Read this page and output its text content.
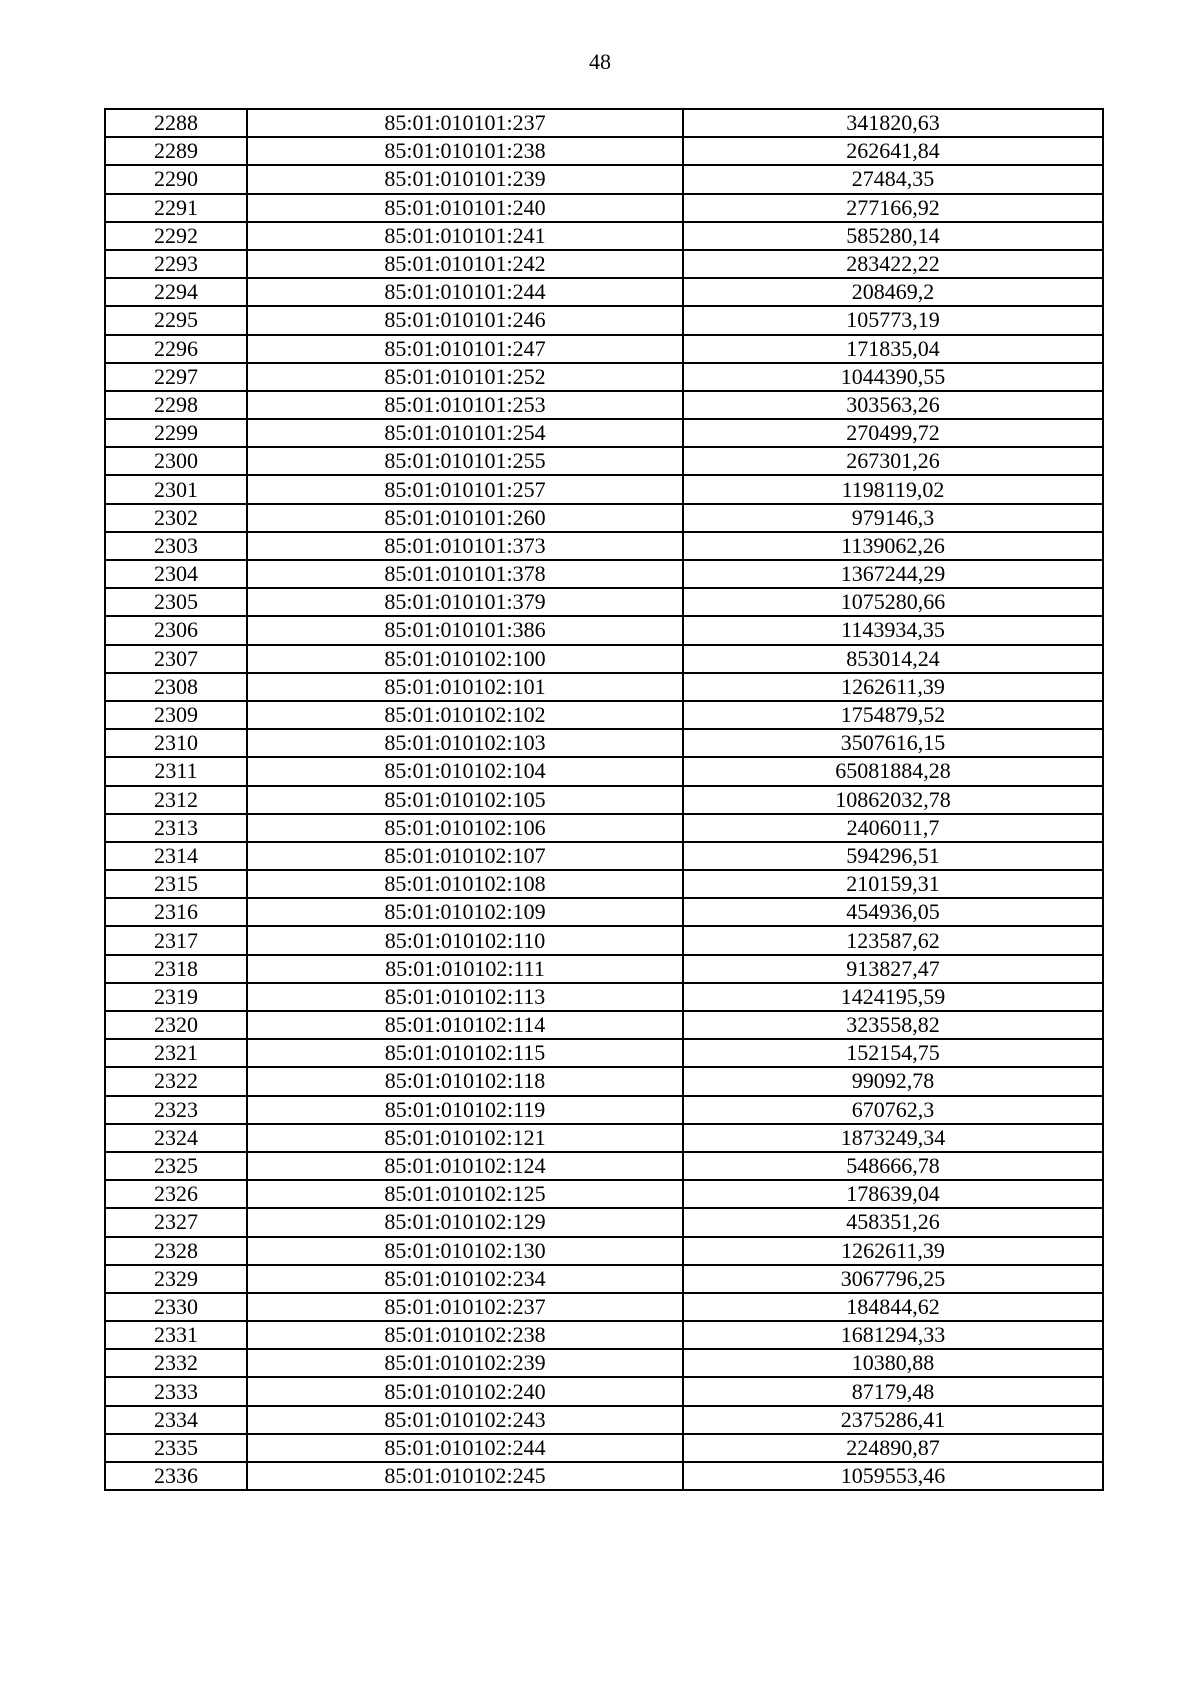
48
2288	85:01:010101:237	341820,63
2289	85:01:010101:238	262641,84
2290	85:01:010101:239	27484,35
2291	85:01:010101:240	277166,92
2292	85:01:010101:241	585280,14
2293	85:01:010101:242	283422,22
2294	85:01:010101:244	208469,2
2295	85:01:010101:246	105773,19
2296	85:01:010101:247	171835,04
2297	85:01:010101:252	1044390,55
2298	85:01:010101:253	303563,26
2299	85:01:010101:254	270499,72
2300	85:01:010101:255	267301,26
2301	85:01:010101:257	1198119,02
2302	85:01:010101:260	979146,3
2303	85:01:010101:373	1139062,26
2304	85:01:010101:378	1367244,29
2305	85:01:010101:379	1075280,66
2306	85:01:010101:386	1143934,35
2307	85:01:010102:100	853014,24
2308	85:01:010102:101	1262611,39
2309	85:01:010102:102	1754879,52
2310	85:01:010102:103	3507616,15
2311	85:01:010102:104	65081884,28
2312	85:01:010102:105	10862032,78
2313	85:01:010102:106	2406011,7
2314	85:01:010102:107	594296,51
2315	85:01:010102:108	210159,31
2316	85:01:010102:109	454936,05
2317	85:01:010102:110	123587,62
2318	85:01:010102:111	913827,47
2319	85:01:010102:113	1424195,59
2320	85:01:010102:114	323558,82
2321	85:01:010102:115	152154,75
2322	85:01:010102:118	99092,78
2323	85:01:010102:119	670762,3
2324	85:01:010102:121	1873249,34
2325	85:01:010102:124	548666,78
2326	85:01:010102:125	178639,04
2327	85:01:010102:129	458351,26
2328	85:01:010102:130	1262611,39
2329	85:01:010102:234	3067796,25
2330	85:01:010102:237	184844,62
2331	85:01:010102:238	1681294,33
2332	85:01:010102:239	10380,88
2333	85:01:010102:240	87179,48
2334	85:01:010102:243	2375286,41
2335	85:01:010102:244	224890,87
2336	85:01:010102:245	1059553,46
